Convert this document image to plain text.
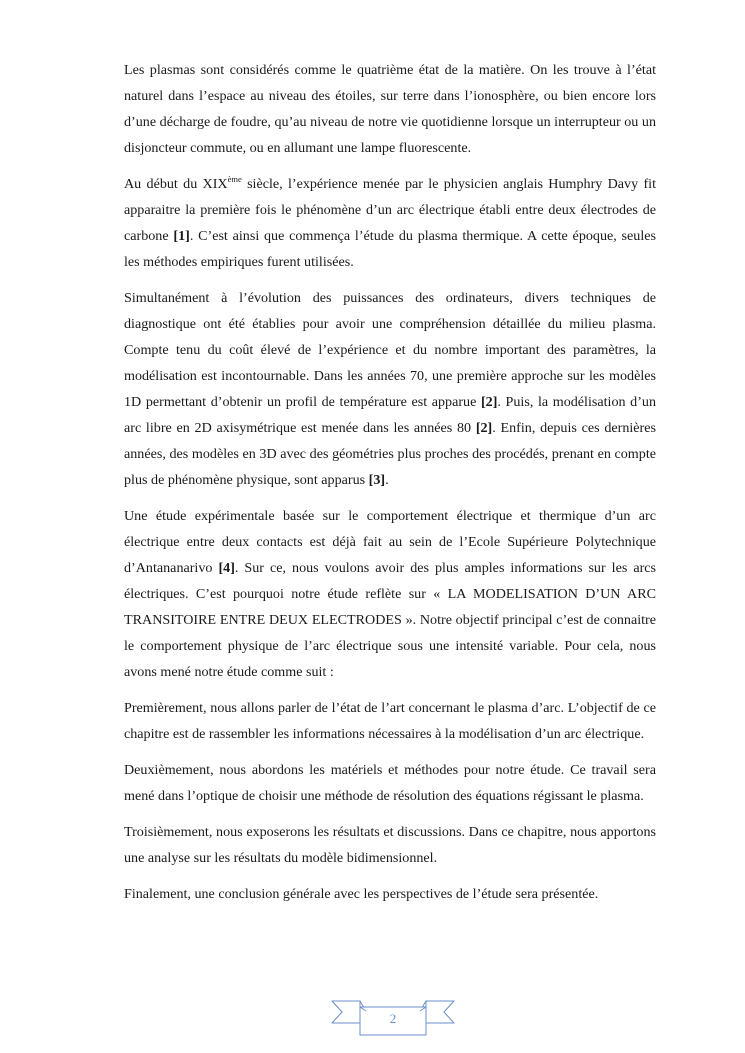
Les plasmas sont considérés comme le quatrième état de la matière. On les trouve à l’état naturel dans l’espace au niveau des étoiles, sur terre dans l’ionosphère, ou bien encore lors d’une décharge de foudre, qu’au niveau de notre vie quotidienne lorsque un interrupteur ou un disjoncteur commute, ou en allumant une lampe fluorescente.

Au début du XIXème siècle, l’expérience menée par le physicien anglais Humphry Davy fit apparaitre la première fois le phénomène d’un arc électrique établi entre deux électrodes de carbone [1]. C’est ainsi que commença l’étude du plasma thermique. A cette époque, seules les méthodes empiriques furent utilisées.

Simultanément à l’évolution des puissances des ordinateurs, divers techniques de diagnostique ont été établies pour avoir une compréhension détaillée du milieu plasma. Compte tenu du coût élevé de l’expérience et du nombre important des paramètres, la modélisation est incontournable. Dans les années 70, une première approche sur les modèles 1D permettant d’obtenir un profil de température est apparue [2]. Puis, la modélisation d’un arc libre en 2D axisymétrique est menée dans les années 80 [2]. Enfin, depuis ces dernières années, des modèles en 3D avec des géométries plus proches des procédés, prenant en compte plus de phénomène physique, sont apparus [3].

Une étude expérimentale basée sur le comportement électrique et thermique d’un arc électrique entre deux contacts est déjà fait au sein de l’Ecole Supérieure Polytechnique d’Antananarivo [4]. Sur ce, nous voulons avoir des plus amples informations sur les arcs électriques. C’est pourquoi notre étude reflète sur « LA MODELISATION D’UN ARC TRANSITOIRE ENTRE DEUX ELECTRODES ». Notre objectif principal c’est de connaitre le comportement physique de l’arc électrique sous une intensité variable. Pour cela, nous avons mené notre étude comme suit :

Premièrement, nous allons parler de l’état de l’art concernant le plasma d’arc. L’objectif de ce chapitre est de rassembler les informations nécessaires à la modélisation d’un arc électrique.

Deuxièmement, nous abordons les matériels et méthodes pour notre étude. Ce travail sera mené dans l’optique de choisir une méthode de résolution des équations régissant le plasma.

Troisièmement, nous exposerons les résultats et discussions. Dans ce chapitre, nous apportons une analyse sur les résultats du modèle bidimensionnel.

Finalement, une conclusion générale avec les perspectives de l’étude sera présentée.

2
